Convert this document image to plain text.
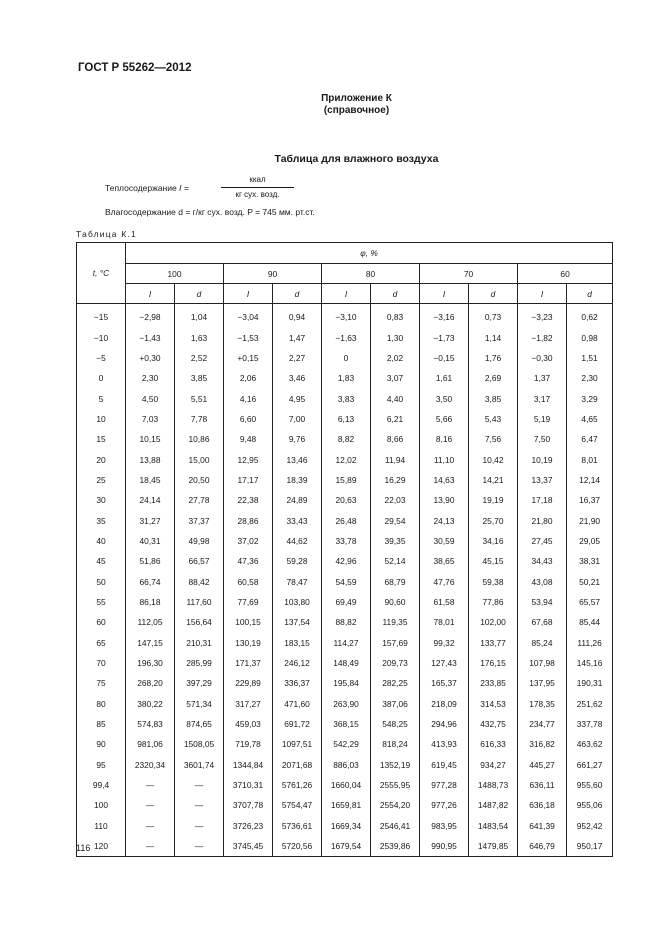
ГОСТ Р 55262—2012
Приложение К
(справочное)
Таблица для влажного воздуха
Теплосодержание I =
ккал
кг сух. возд.
Влагосодержание d = г/кг сух. возд. P = 745 мм. рт.ст.
Таблица К.1
t, °C	φ, %									
	100		90		80		70		60	
	I	d	I	d	I	d	I	d	I	d
−15	−2,98	1,04	−3,04	0,94	−3,10	0,83	−3,16	0,73	−3,23	0,62
−10	−1,43	1,63	−1,53	1,47	−1,63	1,30	−1,73	1,14	−1,82	0,98
−5	+0,30	2,52	+0,15	2,27	0	2,02	−0,15	1,76	−0,30	1,51
0	2,30	3,85	2,06	3,46	1,83	3,07	1,61	2,69	1,37	2,30
5	4,50	5,51	4,16	4,95	3,83	4,40	3,50	3,85	3,17	3,29
10	7,03	7,78	6,60	7,00	6,13	6,21	5,66	5,43	5,19	4,65
15	10,15	10,86	9,48	9,76	8,82	8,66	8,16	7,56	7,50	6,47
20	13,88	15,00	12,95	13,46	12,02	11,94	11,10	10,42	10,19	8,01
25	18,45	20,50	17,17	18,39	15,89	16,29	14,63	14,21	13,37	12,14
30	24,14	27,78	22,38	24,89	20,63	22,03	13,90	19,19	17,18	16,37
35	31,27	37,37	28,86	33,43	26,48	29,54	24,13	25,70	21,80	21,90
40	40,31	49,98	37,02	44,62	33,78	39,35	30,59	34,16	27,45	29,05
45	51,86	66,57	47,36	59,28	42,96	52,14	38,65	45,15	34,43	38,31
50	66,74	88,42	60,58	78,47	54,59	68,79	47,76	59,38	43,08	50,21
55	86,18	117,60	77,69	103,80	69,49	90,60	61,58	77,86	53,94	65,57
60	112,05	156,64	100,15	137,54	88,82	119,35	78,01	102,00	67,68	85,44
65	147,15	210,31	130,19	183,15	114,27	157,69	99,32	133,77	85,24	111,26
70	196,30	285,99	171,37	246,12	148,49	209,73	127,43	176,15	107,98	145,16
75	268,20	397,29	229,89	336,37	195,84	282,25	165,37	233,85	137,95	190,31
80	380,22	571,34	317,27	471,60	263,90	387,06	218,09	314,53	178,35	251,62
85	574,83	874,65	459,03	691,72	368,15	548,25	294,96	432,75	234,77	337,78
90	981,06	1508,05	719,78	1097,51	542,29	818,24	413,93	616,33	316,82	463,62
95	2320,34	3601,74	1344,84	2071,68	886,03	1352,19	619,45	934,27	445,27	661,27
99,4	—	—	3710,31	5761,26	1660,04	2555,95	977,28	1488,73	636,11	955,60
100	—	—	3707,78	5754,47	1659,81	2554,20	977,26	1487,82	636,18	955,06
110	—	—	3726,23	5736,61	1669,34	2546,41	983,95	1483,54	641,39	952,42
120	—	—	3745,45	5720,56	1679,54	2539,86	990,95	1479,85	646,79	950,17
116
